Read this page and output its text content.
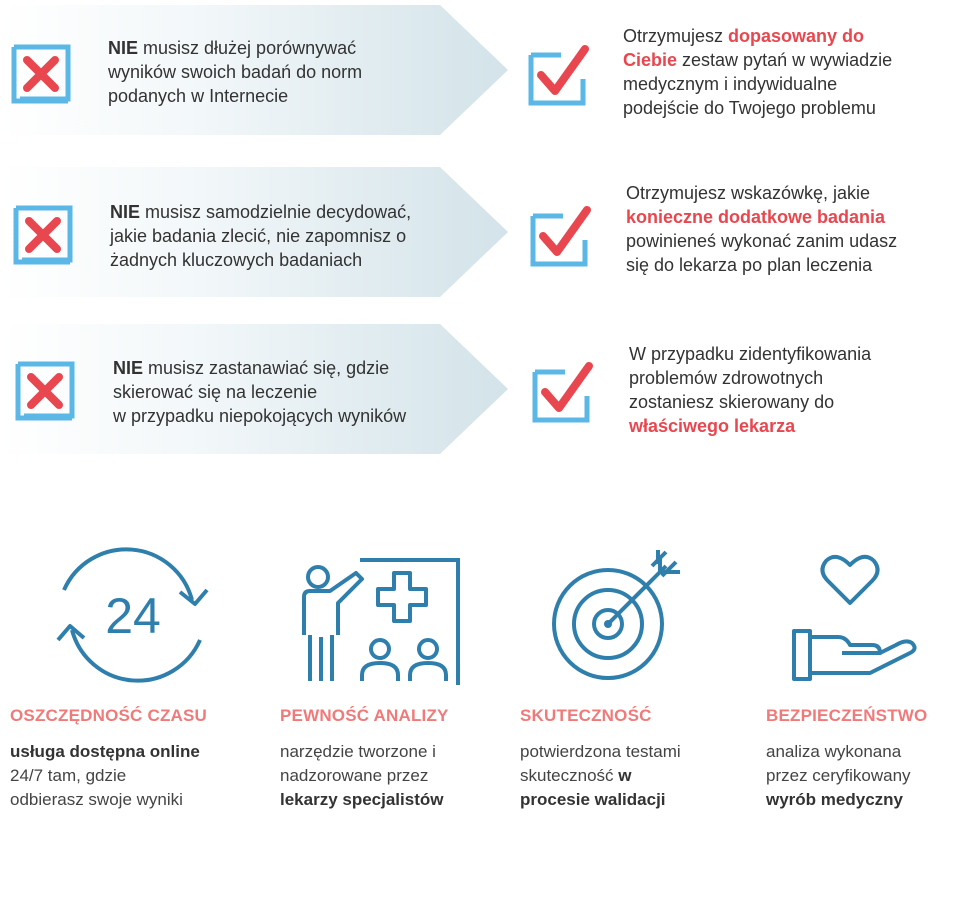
NIE musisz dłużej porównywać
wyników swoich badań do norm
podanych w Internecie
Otrzymujesz dopasowany do
Ciebie zestaw pytań w wywiadzie
medycznym i indywidualne
podejście do Twojego problemu
NIE musisz samodzielnie decydować,
jakie badania zlecić, nie zapomnisz o
żadnych kluczowych badaniach
Otrzymujesz wskazówkę, jakie
konieczne dodatkowe badania
powinieneś wykonać zanim udasz
się do lekarza po plan leczenia
NIE musisz zastanawiać się, gdzie
skierować się na leczenie
w przypadku niepokojących wyników
W przypadku zidentyfikowania
problemów zdrowotnych
zostaniesz skierowany do
właściwego lekarza
24
OSZCZĘDNOŚĆ CZASU
usługa dostępna online
24/7 tam, gdzie
odbierasz swoje wyniki
PEWNOŚĆ ANALIZY
narzędzie tworzone i
nadzorowane przez
lekarzy specjalistów
SKUTECZNOŚĆ
potwierdzona testami
skuteczność w
procesie walidacji
BEZPIECZEŃSTWO
analiza wykonana
przez ceryfikowany
wyrób medyczny
